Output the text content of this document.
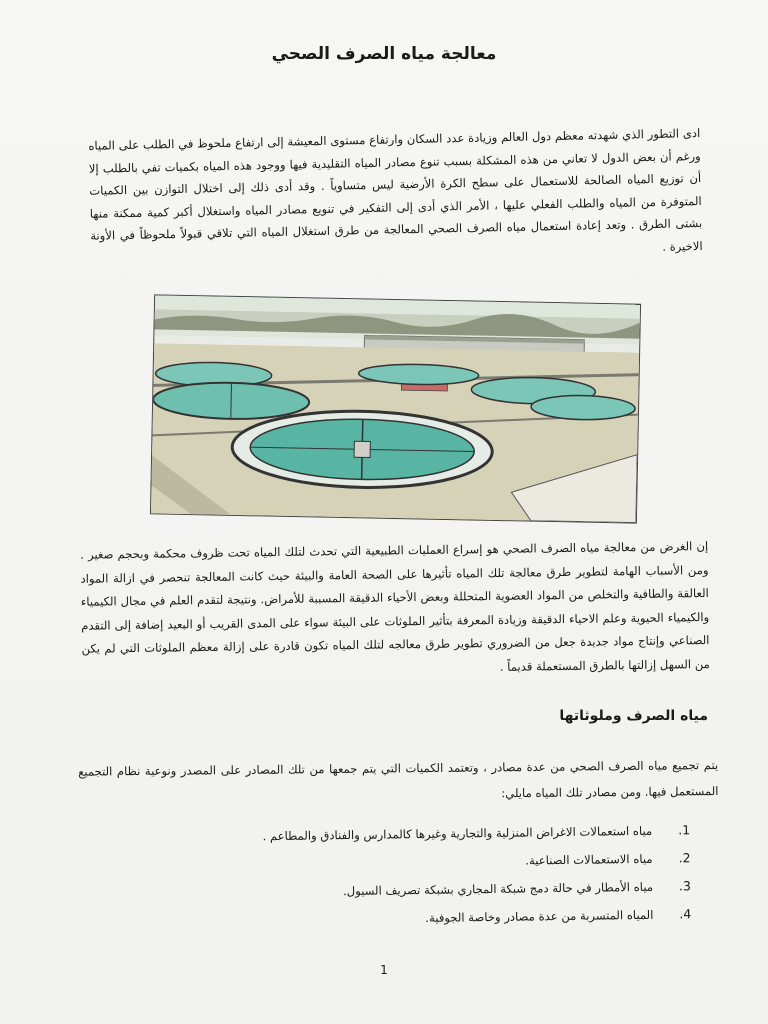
معالجة مياه الصرف الصحي

ادى التطور الذي شهدته معظم دول العالم وزيادة عدد السكان وارتفاع مستوى المعيشة إلى ارتفاع ملحوظ في الطلب على المياه ورغم أن بعض الدول لا تعاني من هذه المشكلة بسبب تنوع مصادر المياه التقليدية فيها ووجود هذه المياه بكميات تفي بالطلب إلا أن توزيع المياه الصالحة للاستعمال على سطح الكرة الأرضية ليس متساوياً . وقد أدى ذلك إلى اختلال التوازن بين الكميات المتوفرة من المياه والطلب الفعلي عليها ، الأمر الذي أدى إلى التفكير في تنويع مصادر المياه واستغلال أكبر كمية ممكنة منها بشتى الطرق . وتعد إعادة استعمال مياه الصرف الصحي المعالجة من طرق استغلال المياه التي تلاقي قبولاً ملحوظاً في الأونة الاخيرة .

إن الغرض من معالجة مياه الصرف الصحي هو إسراع العمليات الطبيعية التي تحدث لتلك المياه تحت ظروف محكمة وبحجم صغير . ومن الأسباب الهامة لتطوير طرق معالجة تلك المياه تأثيرها على الصحة العامة والبيئة حيث كانت المعالجة تنحصر في ازالة المواد العالقة والطافية والتخلص من المواد العضوية المتحللة وبعض الأحياء الدقيقة المسببة للأمراض. ونتيجة لتقدم العلم في مجال الكيمياء والكيمياء الحيوية وعلم الاحياء الدقيقة وزيادة المعرفة بتأثير الملوثات على البيئة سواء على المدى القريب أو البعيد إضافة إلى التقدم الصناعي وإنتاج مواد جديدة جعل من الضروري تطوير طرق معالجه لتلك المياه تكون قادرة على إزالة معظم الملوثات التي لم يكن من السهل إزالتها بالطرق المستعملة قديماً .

مياه الصرف وملوثاتها

يتم تجميع مياه الصرف الصحي من عدة مصادر ، وتعتمد الكميات التي يتم جمعها من تلك المصادر على المصدر ونوعية نظام التجميع المستعمل فيها. ومن مصادر تلك المياه مايلي:

.1
مياه استعمالات الاغراض المنزلية والتجارية وغيرها كالمدارس والفنادق والمطاعم .
.2
مياه الاستعمالات الصناعية.
.3
مياه الأمطار في حالة دمج شبكة المجاري بشبكة تصريف السيول.
.4
المياه المتسربة من عدة مصادر وخاصة الجوفية.
1
